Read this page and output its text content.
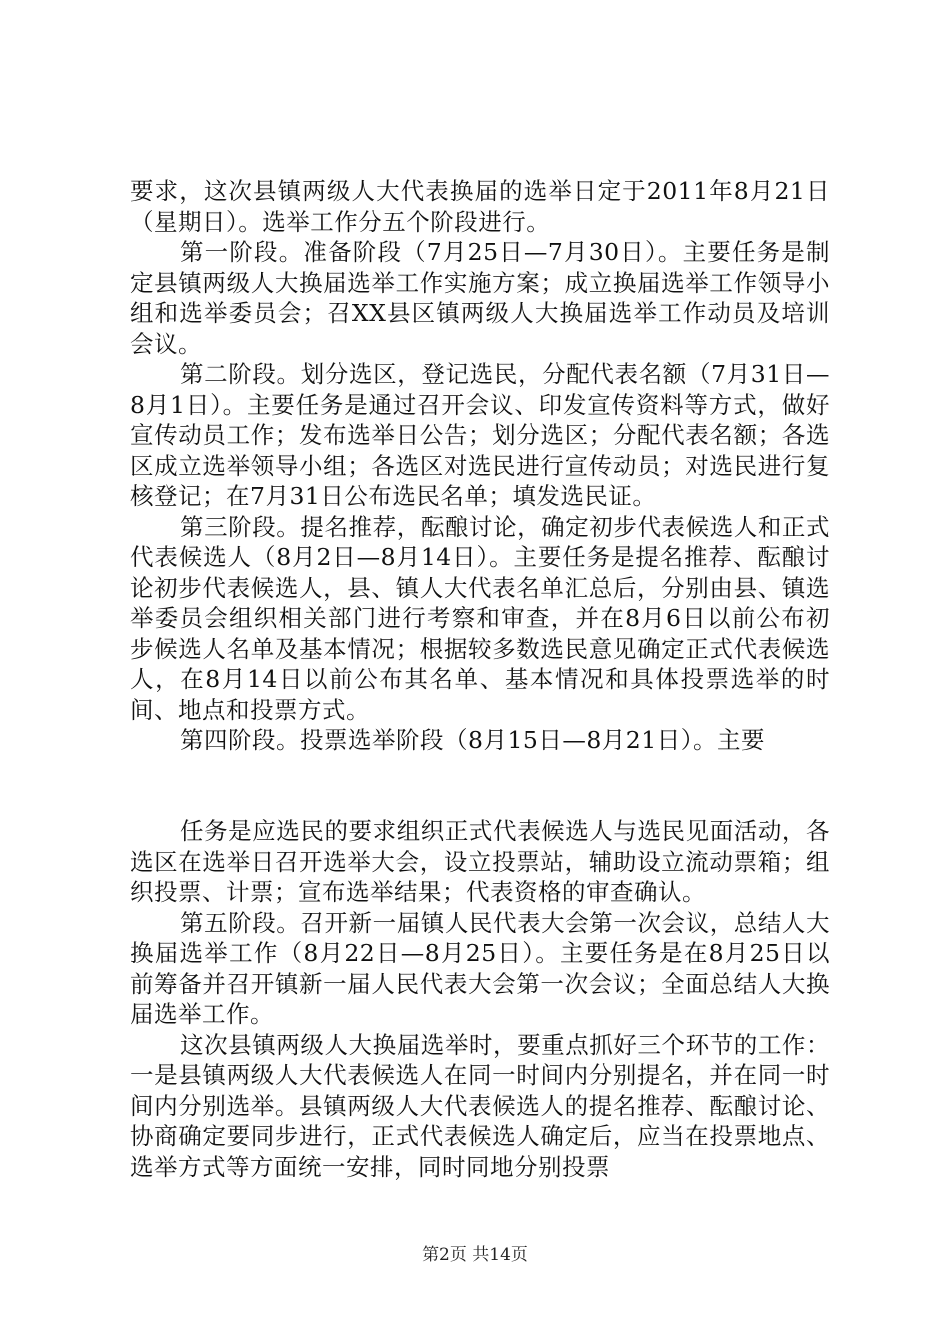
要求，这次县镇两级人大代表换届的选举日定于2011年8月21日（星期日）。选举工作分五个阶段进行。

第一阶段。准备阶段（7月25日—7月30日）。主要任务是制定县镇两级人大换届选举工作实施方案；成立换届选举工作领导小组和选举委员会；召XX县区镇两级人大换届选举工作动员及培训会议。

第二阶段。划分选区，登记选民，分配代表名额（7月31日—8月1日）。主要任务是通过召开会议、印发宣传资料等方式，做好宣传动员工作；发布选举日公告；划分选区；分配代表名额；各选区成立选举领导小组；各选区对选民进行宣传动员；对选民进行复核登记；在7月31日公布选民名单；填发选民证。

第三阶段。提名推荐，酝酿讨论，确定初步代表候选人和正式代表候选人（8月2日—8月14日）。主要任务是提名推荐、酝酿讨论初步代表候选人，县、镇人大代表名单汇总后，分别由县、镇选举委员会组织相关部门进行考察和审查，并在8月6日以前公布初步候选人名单及基本情况；根据较多数选民意见确定正式代表候选人，在8月14日以前公布其名单、基本情况和具体投票选举的时间、地点和投票方式。

第四阶段。投票选举阶段（8月15日—8月21日）。主要

任务是应选民的要求组织正式代表候选人与选民见面活动，各选区在选举日召开选举大会，设立投票站，辅助设立流动票箱；组织投票、计票；宣布选举结果；代表资格的审查确认。

第五阶段。召开新一届镇人民代表大会第一次会议，总结人大换届选举工作（8月22日—8月25日）。主要任务是在8月25日以前筹备并召开镇新一届人民代表大会第一次会议；全面总结人大换届选举工作。

这次县镇两级人大换届选举时，要重点抓好三个环节的工作：一是县镇两级人大代表候选人在同一时间内分别提名，并在同一时间内分别选举。县镇两级人大代表候选人的提名推荐、酝酿讨论、协商确定要同步进行，正式代表候选人确定后，应当在投票地点、选举方式等方面统一安排，同时同地分别投票

第2页 共14页
